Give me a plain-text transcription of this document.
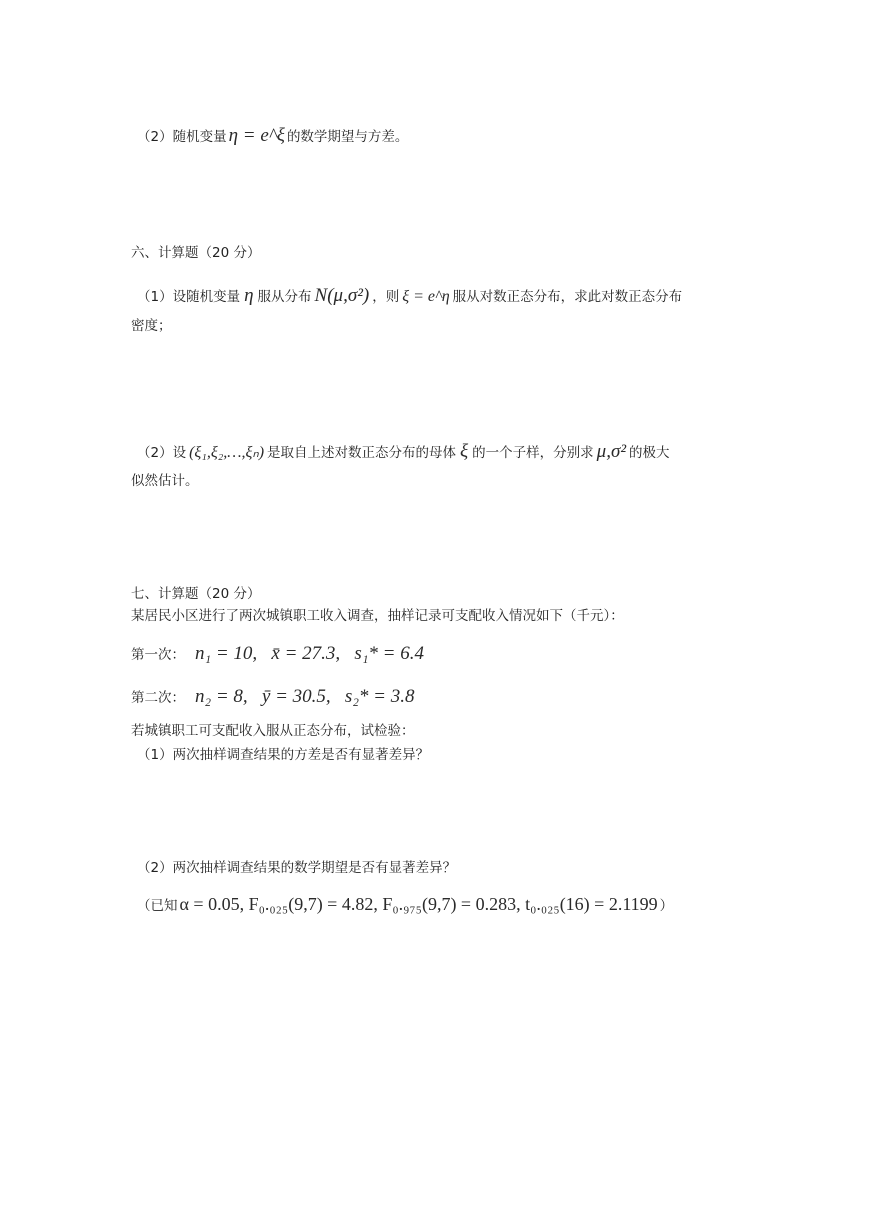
（2）随机变量 η = e^ξ 的数学期望与方差。
六、计算题（20 分）
（1）设随机变量 η 服从分布 N(μ,σ²) ，则 ξ = e^η 服从对数正态分布，求此对数正态分布
密度；
（2）设 (ξ₁,ξ₂,…,ξₙ) 是取自上述对数正态分布的母体 ξ 的一个子样，分别求 μ,σ² 的极大
似然估计。
七、计算题（20 分）
某居民小区进行了两次城镇职工收入调查，抽样记录可支配收入情况如下（千元）：
第一次： n₁ = 10,   x̄ = 27.3,   s₁* = 6.4
第二次： n₂ = 8,   ȳ = 30.5,   s₂* = 3.8
若城镇职工可支配收入服从正态分布，试检验：
（1）两次抽样调查结果的方差是否有显著差异？
（2）两次抽样调查结果的数学期望是否有显著差异？
（已知 α = 0.05, F₀.₀₂₅(9,7) = 4.82, F₀.₉₇₅(9,7) = 0.283, t₀.₀₂₅(16) = 2.1199 ）
